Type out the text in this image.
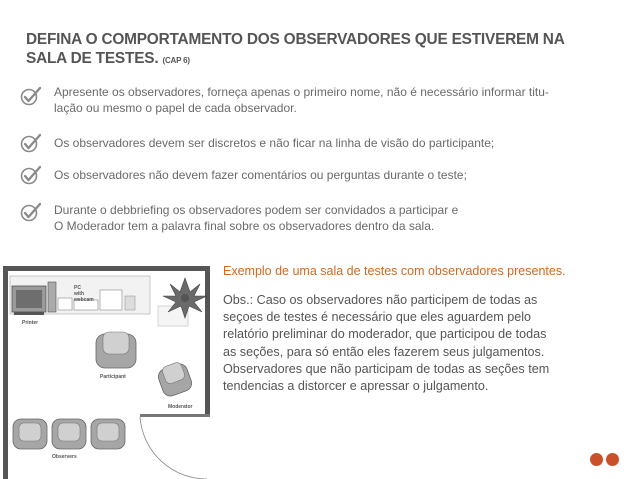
DEFINA O COMPORTAMENTO DOS OBSERVADORES QUE ESTIVEREM NA
SALA DE TESTES. (CAP 6)
Apresente os observadores, forneça apenas o primeiro nome, não é necessário informar titu-
lação ou mesmo o papel de cada observador.
Os observadores devem ser discretos e não ficar na linha de visão do participante;
Os observadores não devem fazer comentários ou perguntas durante o teste;
Durante o debbriefing os observadores podem ser convidados a participar e
O Moderador tem a palavra final sobre os observadores dentro da sala.
Printer
PC
with
webcam
Participant
Moderator
Observers
Exemplo de uma sala de testes com observadores presentes.
Obs.: Caso os observadores não participem de todas as
seçoes de testes é necessário que eles aguardem pelo
relatório preliminar do moderador, que participou de todas
as seções, para só então eles fazerem seus julgamentos.
Observadores que não participam de todas as seções tem
tendencias a distorcer e apressar o julgamento.
